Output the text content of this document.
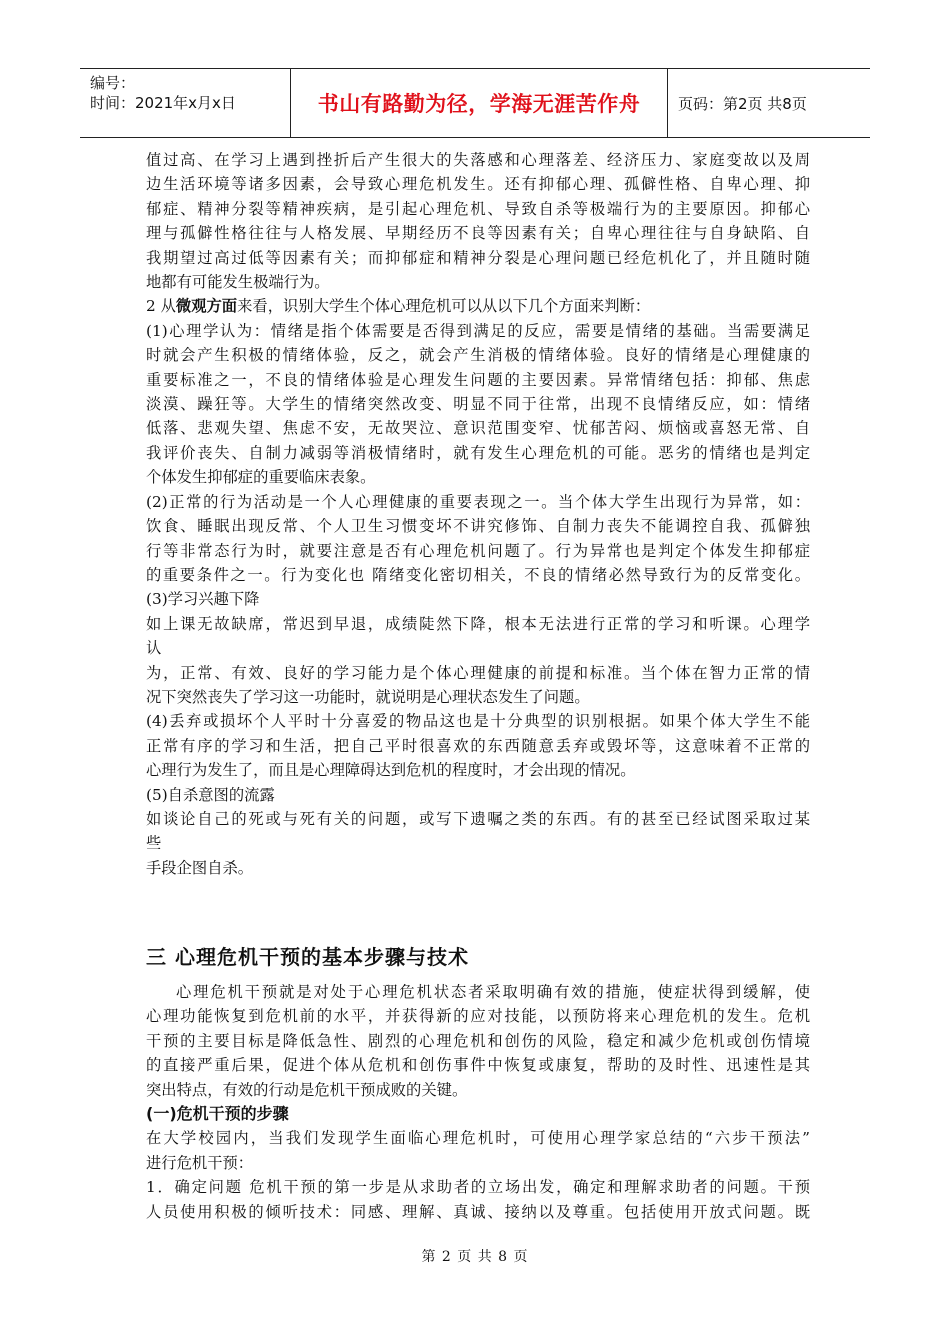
编号：
时间：2021年x月x日	书山有路勤为径，学海无涯苦作舟	页码：第2页 共8页
值过高、在学习上遇到挫折后产生很大的失落感和心理落差、经济压力、家庭变故以及周
边生活环境等诸多因素，会导致心理危机发生。还有抑郁心理、孤僻性格、自卑心理、抑
郁症、精神分裂等精神疾病，是引起心理危机、导致自杀等极端行为的主要原因。抑郁心
理与孤僻性格往往与人格发展、早期经历不良等因素有关；自卑心理往往与自身缺陷、自
我期望过高过低等因素有关；而抑郁症和精神分裂是心理问题已经危机化了，并且随时随
地都有可能发生极端行为。
2 从微观方面来看，识别大学生个体心理危机可以从以下几个方面来判断：
(1)心理学认为：情绪是指个体需要是否得到满足的反应，需要是情绪的基础。当需要满足
时就会产生积极的情绪体验，反之，就会产生消极的情绪体验。良好的情绪是心理健康的
重要标准之一，不良的情绪体验是心理发生问题的主要因素。异常情绪包括：抑郁、焦虑
淡漠、躁狂等。大学生的情绪突然改变、明显不同于往常，出现不良情绪反应，如：情绪
低落、悲观失望、焦虑不安，无故哭泣、意识范围变窄、忧郁苦闷、烦恼或喜怒无常、自
我评价丧失、自制力减弱等消极情绪时，就有发生心理危机的可能。恶劣的情绪也是判定
个体发生抑郁症的重要临床表象。
(2)正常的行为活动是一个人心理健康的重要表现之一。当个体大学生出现行为异常，如：
饮食、睡眠出现反常、个人卫生习惯变坏不讲究修饰、自制力丧失不能调控自我、孤僻独
行等非常态行为时，就要注意是否有心理危机问题了。行为异常也是判定个体发生抑郁症
的重要条件之一。行为变化也 隋绪变化密切相关，不良的情绪必然导致行为的反常变化。
(3)学习兴趣下降
如上课无故缺席，常迟到早退，成绩陡然下降，根本无法进行正常的学习和听课。心理学
认
为，正常、有效、良好的学习能力是个体心理健康的前提和标准。当个体在智力正常的情
况下突然丧失了学习这一功能时，就说明是心理状态发生了问题。
(4)丢弃或损坏个人平时十分喜爱的物品这也是十分典型的识别根据。如果个体大学生不能
正常有序的学习和生活，把自己平时很喜欢的东西随意丢弃或毁坏等，这意味着不正常的
心理行为发生了，而且是心理障碍达到危机的程度时，才会出现的情况。
(5)自杀意图的流露
如谈论自己的死或与死有关的问题，或写下遗嘱之类的东西。有的甚至已经试图采取过某
些
手段企图自杀。
三 心理危机干预的基本步骤与技术
心理危机干预就是对处于心理危机状态者采取明确有效的措施，使症状得到缓解，使
心理功能恢复到危机前的水平，并获得新的应对技能，以预防将来心理危机的发生。危机
干预的主要目标是降低急性、剧烈的心理危机和创伤的风险，稳定和减少危机或创伤情境
的直接严重后果，促进个体从危机和创伤事件中恢复或康复，帮助的及时性、迅速性是其
突出特点，有效的行动是危机干预成败的关键。
(一)危机干预的步骤
在大学校园内，当我们发现学生面临心理危机时，可使用心理学家总结的“六步干预法”
进行危机干预：
1．确定问题 危机干预的第一步是从求助者的立场出发，确定和理解求助者的问题。干预
人员使用积极的倾听技术：同感、理解、真诚、接纳以及尊重。包括使用开放式问题。既
第 2 页 共 8 页
